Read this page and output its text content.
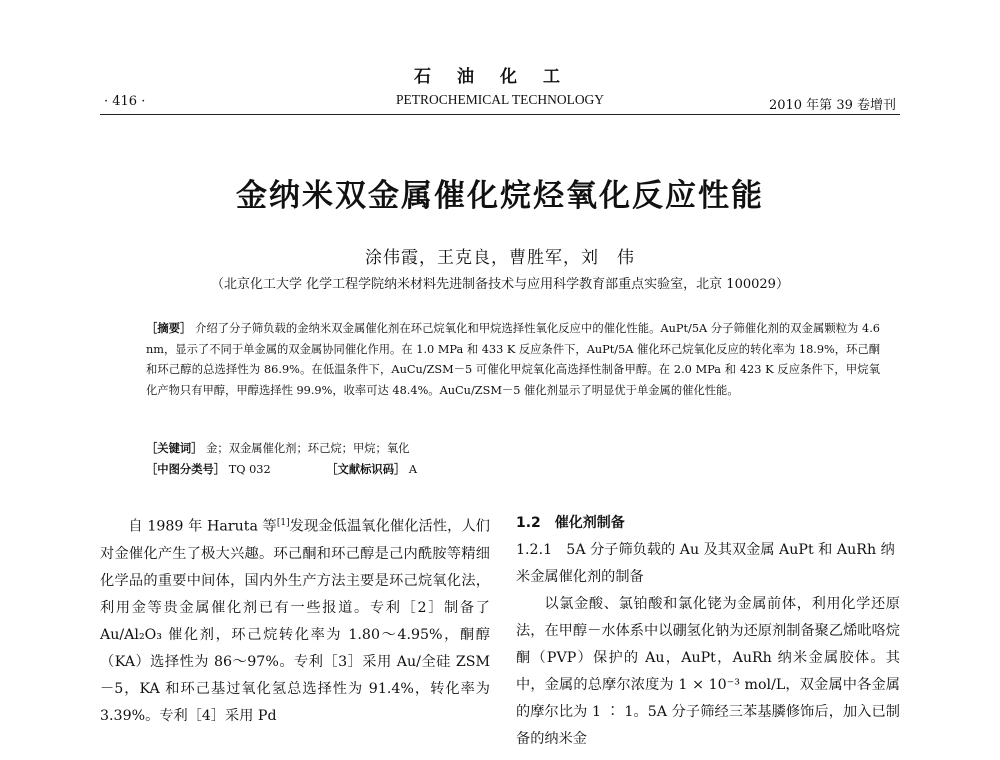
石油化工
· 416 ·	PETROCHEMICAL TECHNOLOGY	2010 年第 39 卷增刊
金纳米双金属催化烷烃氧化反应性能
涂伟霞，王克良，曹胜军，刘　伟
（北京化工大学 化学工程学院纳米材料先进制备技术与应用科学教育部重点实验室，北京 100029）
［摘要］ 介绍了分子筛负载的金纳米双金属催化剂在环己烷氧化和甲烷选择性氧化反应中的催化性能。AuPt/5A 分子筛催化剂的双金属颗粒为 4.6 nm，显示了不同于单金属的双金属协同催化作用。在 1.0 MPa 和 433 K 反应条件下，AuPt/5A 催化环己烷氧化反应的转化率为 18.9%，环己酮和环己醇的总选择性为 86.9%。在低温条件下，AuCu/ZSM－5 可催化甲烷氧化高选择性制备甲醇。在 2.0 MPa 和 423 K 反应条件下，甲烷氧化产物只有甲醇，甲醇选择性 99.9%，收率可达 48.4%。AuCu/ZSM－5 催化剂显示了明显优于单金属的催化性能。
［关键词］ 金；双金属催化剂；环己烷；甲烷；氧化
［中图分类号］ TQ 032	［文献标识码］ A

自 1989 年 Haruta 等[1]发现金低温氧化催化活性，人们对金催化产生了极大兴趣。环己酮和环己醇是己内酰胺等精细化学品的重要中间体，国内外生产方法主要是环己烷氧化法，利用金等贵金属催化剂已有一些报道。专利［2］制备了 Au/Al₂O₃ 催化剂，环己烷转化率为 1.80～4.95%，酮醇（KA）选择性为 86～97%。专利［3］采用 Au/全硅 ZSM－5，KA 和环己基过氧化氢总选择性为 91.4%，转化率为 3.39%。专利［4］采用 Pd

1.2　催化剂制备
1.2.1　5A 分子筛负载的 Au 及其双金属 AuPt 和 AuRh 纳米金属催化剂的制备

以氯金酸、氯铂酸和氯化铑为金属前体，利用化学还原法，在甲醇－水体系中以硼氢化钠为还原剂制备聚乙烯吡咯烷酮（PVP）保护的 Au，AuPt，AuRh 纳米金属胶体。其中，金属的总摩尔浓度为 1 × 10⁻³ mol/L，双金属中各金属的摩尔比为 1 ∶ 1。5A 分子筛经三苯基膦修饰后，加入已制备的纳米金
